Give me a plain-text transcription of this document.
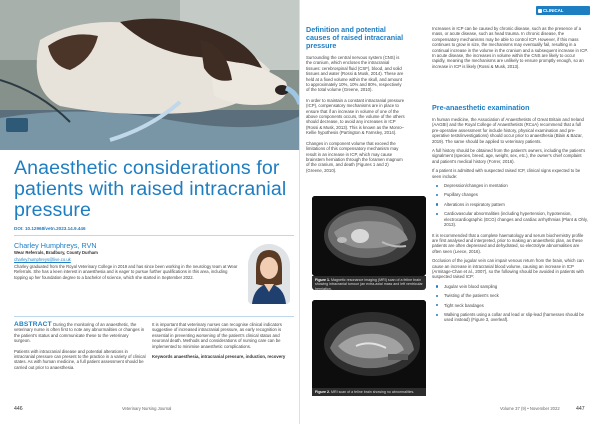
Anaesthetic considerations for patients with raised intracranial pressure
DOI: 10.12968/vetn.2023.14.9.446
Charley Humphreys, RVN
Wear Referrals, Bradbury, County Durham
charley.humphreys@live.co.uk
Charley graduated from the Royal Veterinary College in 2019 and has since been working in the neurology team at Wear Referrals. She has a keen interest in anaesthesia and is eager to pursue further qualifications in this area, including topping up her foundation degree to a bachelor of science, which she started in September 2022.

ABSTRACT During the monitoring of an anaesthetic, the veterinary nurse is often first to note any abnormalities or changes in the patient's status and communicate these to the veterinary surgeon.

Patients with intracranial disease and potential alterations in intracranial pressure can present to the practice in a variety of clinical states. As with human medicine, a full patient assessment should be carried out prior to anaesthesia.

It is important that veterinary nurses can recognise clinical indicators suggestive of increased intracranial pressure, as early recognition is essential in preventing worsening of the patient's clinical status and neuronal death. Methods and considerations of nursing care can be implemented to minimise anaesthetic complications.

Keywords anaesthesia, intracranial pressure, induction, recovery

446	Veterinary Nursing Journal
CLINICAL
Definition and potential causes of raised intracranial pressure

Surrounding the central nervous system (CNS) is the cranium, which encloses the intracranial tissues: cerebrospinal fluid (CSF), blood, and solid tissues and water (Rossi & Musk, 2014). These are held at a fixed volume within the skull, and amount to approximately 10%, 10% and 80%, respectively of the total volume (Greene, 2010).

In order to maintain a constant intracranial pressure (ICP), compensatory mechanisms are in place to ensure that if an increase in volume of one of the above components occurs, the volume of the others should decrease, to avoid any increases in ICP (Rossi & Musk, 2013). This is known as the Monro–Kellie hypothesis (Partington & Farnsley, 2014).

Changes in component volume that exceed the limitations of this compensatory mechanism may result in an increase in ICP, which may cause brainstem herniation through the foramen magnum of the cranium, and death (Figures 1 and 2) (Greene, 2010).

Figure 1. Magnetic resonance imaging (MRI) scan of a feline brain showing intracranial tumour (an extra-axial mass and left ventricular herniation.
Figure 2. MRI scan of a feline brain showing no abnormalities.

Increases in ICP can be caused by chronic disease, such as the presence of a mass, or acute disease, such as head trauma. In chronic disease, the compensatory mechanisms may be able to control ICP. However, if this mass continues to grow in size, the mechanisms may eventually fail, resulting in a continual increase in the volume in the cranium and a subsequent increase in ICP. In acute disease, the increases in volume within the CNS are likely to occur rapidly, meaning the mechanisms are unlikely to ensure promptly enough, so an increase in ICP is likely (Rossi & Musk, 2013).

Pre-anaesthetic examination

In human medicine, the Association of Anaesthetists of Great Britain and Ireland (AAGBI) and the Royal College of Anaesthetists (RCoA) recommend that a full pre-operative assessment for include history, physical examination and pre-operative tests/investigations) should occur prior to anaesthesia (Blain & Bazar, 2019). The same should be applied to veterinary patients.

A full history should be obtained from the patient's owners, including the patient's signalment (species, breed, age, weight, sex, etc.), the owner's chief complaint and patient's medical history (Forrer, 2016).

If a patient is admitted with suspected raised ICP, clinical signs expected to be seen include:

Depression/changes in mentation
Pupillary changes
Alterations in respiratory pattern
Cardiovascular abnormalities (including hypertension, hypotension, electrocardiographic (ECG) changes and cardiac arrhythmias (Plant & Ohly, 2013).

It is recommended that a complete haematology and serum biochemistry profile are first analysed and interpreted, prior to making an anaesthetic plan, as these patients are often depressed and dehydrated, so electrolyte abnormalities are often seen (Leece, 2016).

Occlusion of the jugular vein can impair venous return from the brain, which can cause an increase in intracranial blood volume, causing an increase in ICP (Armitage-Chan et al., 2007), so the following should be avoided in patients with suspected raised ICP:

Jugular vein blood sampling
Twisting of the patient's neck
Tight neck bandages
Walking patients using a collar and lead or slip-lead (harnesses should be used instead) (Figure 3, overleaf).
Volume 37 (9) • November 2022	447
